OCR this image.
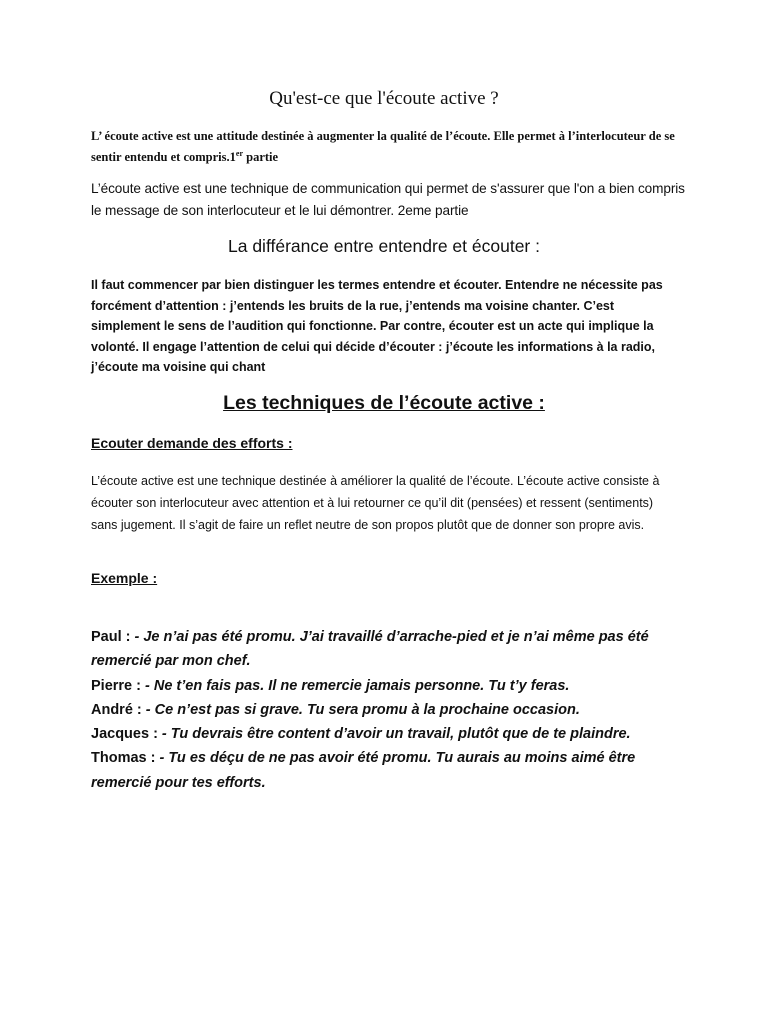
Qu'est-ce que l'écoute active ?

L’ écoute active est une attitude destinée à augmenter la qualité de l’écoute. Elle permet à l’interlocuteur de se sentir entendu et compris.1er partie

L’écoute active est une technique de communication qui permet de s'assurer que l'on a bien compris le message de son interlocuteur et le lui démontrer. 2eme partie

La différance entre entendre et écouter :

Il faut commencer par bien distinguer les termes entendre et écouter. Entendre ne nécessite pas forcément d’attention : j’entends les bruits de la rue, j’entends ma voisine chanter. C’est simplement le sens de l’audition qui fonctionne. Par contre, écouter est un acte qui implique la volonté. Il engage l’attention de celui qui décide d’écouter : j’écoute les informations à la radio, j’écoute ma voisine qui chant

Les techniques de l’écoute active :
Ecouter demande des efforts :

L’écoute active est une technique destinée à améliorer la qualité de l’écoute. L’écoute active consiste à écouter son interlocuteur avec attention et à lui retourner ce qu’il dit (pensées) et ressent (sentiments) sans jugement. Il s’agit de faire un reflet neutre de son propos plutôt que de donner son propre avis.

Exemple :
Paul : - Je n’ai pas été promu. J’ai travaillé d’arrache-pied et je n’ai même pas été remercié par mon chef.
Pierre : - Ne t’en fais pas. Il ne remercie jamais personne. Tu t’y feras.
André : - Ce n’est pas si grave. Tu sera promu à la prochaine occasion.
Jacques : - Tu devrais être content d’avoir un travail, plutôt que de te plaindre.
Thomas : - Tu es déçu de ne pas avoir été promu. Tu aurais au moins aimé être remercié pour tes efforts.
